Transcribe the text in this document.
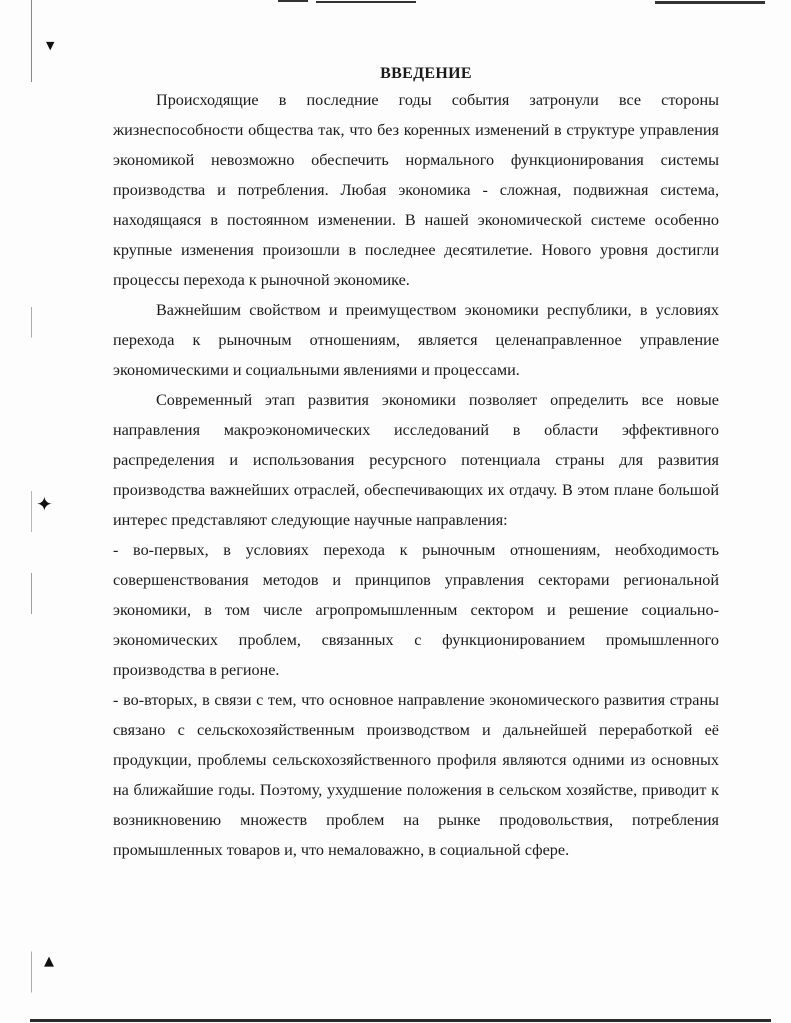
▼
✦
▲
ВВЕДЕНИЕ

Происходящие в последние годы события затронули все стороны жизнеспособности общества так, что без коренных изменений в структуре управления экономикой невозможно обеспечить нормального функционирования системы производства и потребления. Любая экономика - сложная, подвижная система, находящаяся в постоянном изменении. В нашей экономической системе особенно крупные изменения произошли в последнее десятилетие. Нового уровня достигли процессы перехода к рыночной экономике.

Важнейшим свойством и преимуществом экономики республики, в условиях перехода к рыночным отношениям, является целенаправленное управление экономическими и социальными явлениями и процессами.

Современный этап развития экономики позволяет определить все новые направления макроэкономических исследований в области эффективного распределения и использования ресурсного потенциала страны для развития производства важнейших отраслей, обеспечивающих их отдачу. В этом плане большой интерес представляют следующие научные направления:

- во-первых, в условиях перехода к рыночным отношениям, необходимость совершенствования методов и принципов управления секторами региональной экономики, в том числе агропромышленным сектором и решение социально-экономических проблем, связанных с функционированием промышленного производства в регионе.

- во-вторых, в связи с тем, что основное направление экономического развития страны связано с сельскохозяйственным производством и дальнейшей переработкой её продукции, проблемы сельскохозяйственного профиля являются одними из основных на ближайшие годы. Поэтому, ухудшение положения в сельском хозяйстве, приводит к возникновению множеств проблем на рынке продовольствия, потребления промышленных товаров и, что немаловажно, в социальной сфере.
